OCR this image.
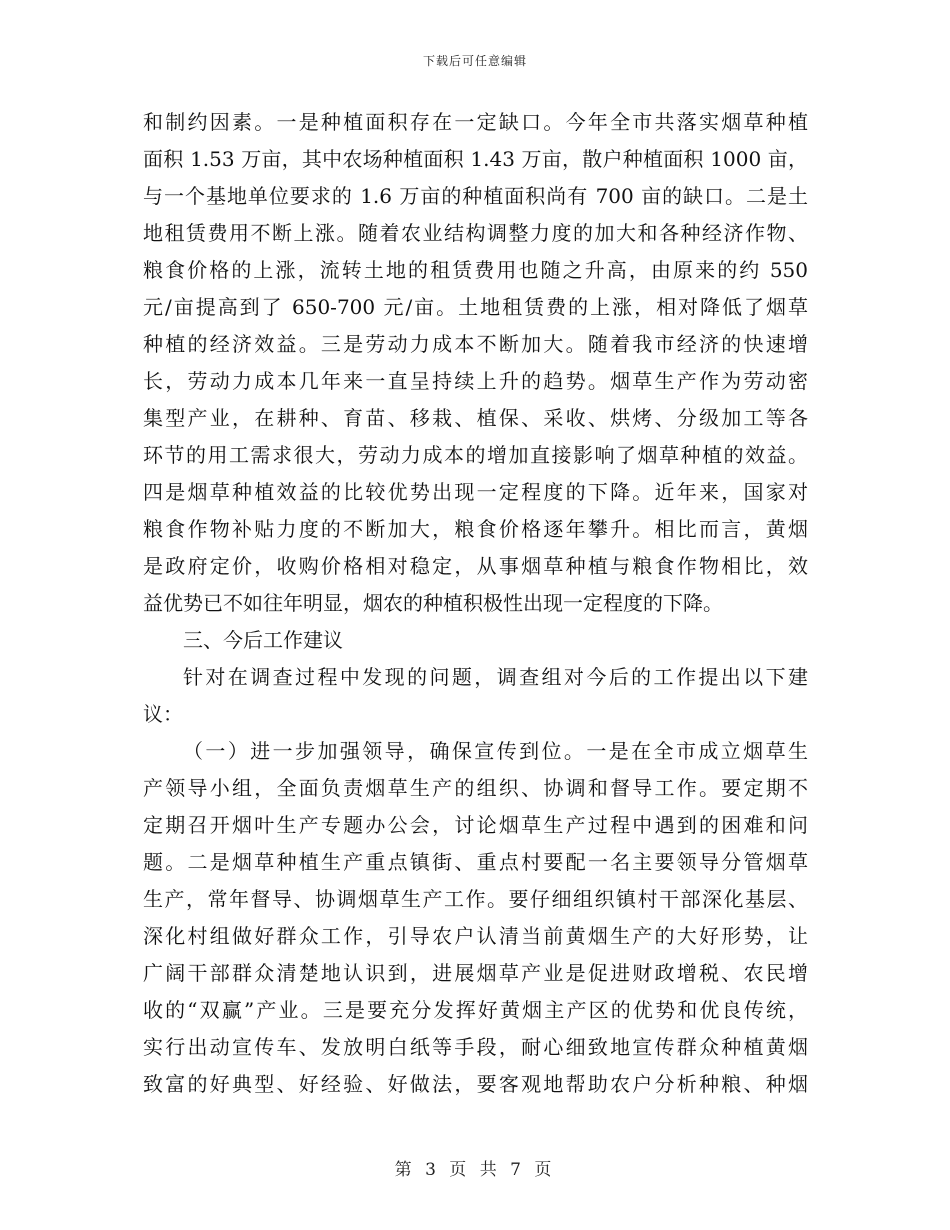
下载后可任意编辑
和制约因素。一是种植面积存在一定缺口。今年全市共落实烟草种植
面积 1.53 万亩，其中农场种植面积 1.43 万亩，散户种植面积 1000 亩，
与一个基地单位要求的 1.6 万亩的种植面积尚有 700 亩的缺口。二是土
地租赁费用不断上涨。随着农业结构调整力度的加大和各种经济作物、
粮食价格的上涨，流转土地的租赁费用也随之升高，由原来的约 550
元/亩提高到了 650-700 元/亩。土地租赁费的上涨，相对降低了烟草
种植的经济效益。三是劳动力成本不断加大。随着我市经济的快速增
长，劳动力成本几年来一直呈持续上升的趋势。烟草生产作为劳动密
集型产业，在耕种、育苗、移栽、植保、采收、烘烤、分级加工等各
环节的用工需求很大，劳动力成本的增加直接影响了烟草种植的效益。
四是烟草种植效益的比较优势出现一定程度的下降。近年来，国家对
粮食作物补贴力度的不断加大，粮食价格逐年攀升。相比而言，黄烟
是政府定价，收购价格相对稳定，从事烟草种植与粮食作物相比，效
益优势已不如往年明显，烟农的种植积极性出现一定程度的下降。
三、今后工作建议
针对在调查过程中发现的问题，调查组对今后的工作提出以下建
议：
（一）进一步加强领导，确保宣传到位。一是在全市成立烟草生
产领导小组，全面负责烟草生产的组织、协调和督导工作。要定期不
定期召开烟叶生产专题办公会，讨论烟草生产过程中遇到的困难和问
题。二是烟草种植生产重点镇街、重点村要配一名主要领导分管烟草
生产，常年督导、协调烟草生产工作。要仔细组织镇村干部深化基层、
深化村组做好群众工作，引导农户认清当前黄烟生产的大好形势，让
广阔干部群众清楚地认识到，进展烟草产业是促进财政增税、农民增
收的“双赢”产业。三是要充分发挥好黄烟主产区的优势和优良传统，
实行出动宣传车、发放明白纸等手段，耐心细致地宣传群众种植黄烟
致富的好典型、好经验、好做法，要客观地帮助农户分析种粮、种烟
第 3 页 共 7 页
